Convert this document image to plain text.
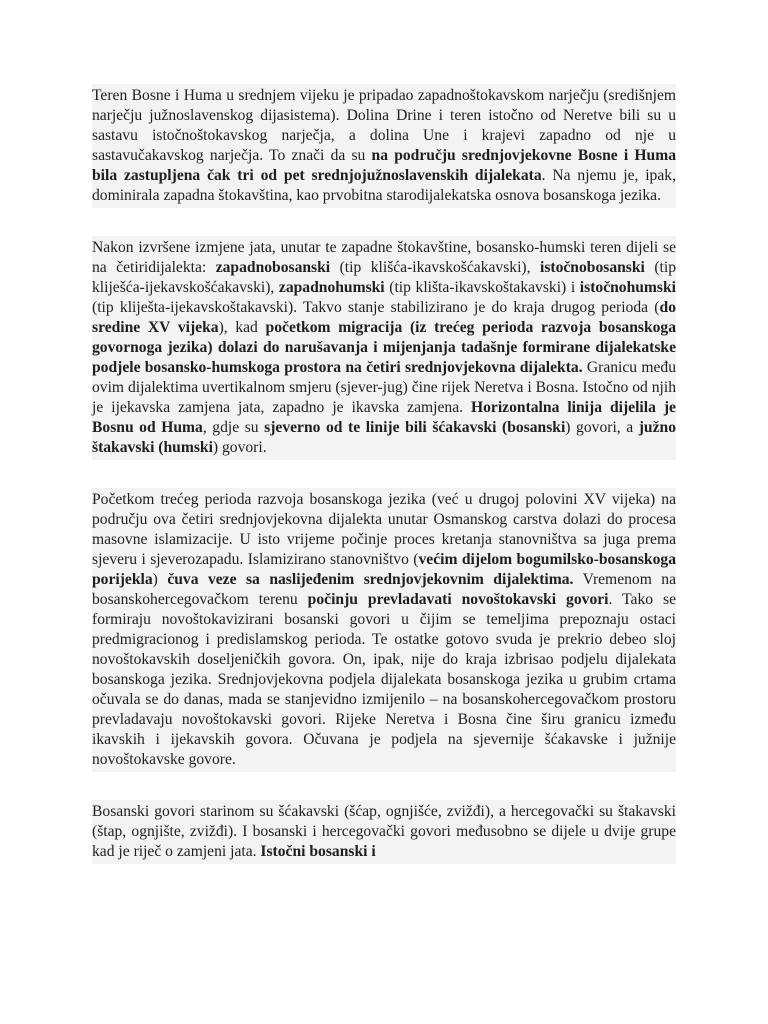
Teren Bosne i Huma u srednjem vijeku je pripadao zapadnoštokavskom narječju (središnjem narječju južnoslavenskog dijasistema). Dolina Drine i teren istočno od Neretve bili su u sastavu istočnoštokavskog narječja, a dolina Une i krajevi zapadno od nje u sastavučakavskog narječja. To znači da su na području srednjovjekovne Bosne i Huma bila zastupljena čak tri od pet srednjojužnoslavenskih dijalekata. Na njemu je, ipak, dominirala zapadna štokavština, kao prvobitna starodijalekatska osnova bosanskoga jezika.

Nakon izvršene izmjene jata, unutar te zapadne štokavštine, bosansko-humski teren dijeli se na četiridijalekta: zapadnobosanski (tip klišća-ikavskošćakavski), istočnobosanski (tip kliješća-ijekavskošćakavski), zapadnohumski (tip klišta-ikavskoštakavski) i istočnohumski (tip kliješta-ijekavskoštakavski). Takvo stanje stabilizirano je do kraja drugog perioda (do sredine XV vijeka), kad početkom migracija (iz trećeg perioda razvoja bosanskoga govornoga jezika) dolazi do narušavanja i mijenjanja tadašnje formirane dijalekatske podjele bosansko-humskoga prostora na četiri srednjovjekovna dijalekta. Granicu među ovim dijalektima uvertikalnom smjeru (sjever-jug) čine rijek Neretva i Bosna. Istočno od njih je ijekavska zamjena jata, zapadno je ikavska zamjena. Horizontalna linija dijelila je Bosnu od Huma, gdje su sjeverno od te linije bili šćakavski (bosanski) govori, a južno štakavski (humski) govori.

Početkom trećeg perioda razvoja bosanskoga jezika (već u drugoj polovini XV vijeka) na području ova četiri srednjovjekovna dijalekta unutar Osmanskog carstva dolazi do procesa masovne islamizacije. U isto vrijeme počinje proces kretanja stanovništva sa juga prema sjeveru i sjeverozapadu. Islamizirano stanovništvo (većim dijelom bogumilsko-bosanskoga porijekla) čuva veze sa naslijeđenim srednjovjekovnim dijalektima. Vremenom na bosanskohercegovačkom terenu počinju prevladavati novoštokavski govori. Tako se formiraju novoštokavizirani bosanski govori u čijim se temeljima prepoznaju ostaci predmigracionog i predislamskog perioda. Te ostatke gotovo svuda je prekrio debeo sloj novoštokavskih doseljeničkih govora. On, ipak, nije do kraja izbrisao podjelu dijalekata bosanskoga jezika. Srednjovjekovna podjela dijalekata bosanskoga jezika u grubim crtama očuvala se do danas, mada se stanjevidno izmijenilo – na bosanskohercegovačkom prostoru prevladavaju novoštokavski govori. Rijeke Neretva i Bosna čine širu granicu između ikavskih i ijekavskih govora. Očuvana je podjela na sjevernije šćakavske i južnije novoštokavske govore.

Bosanski govori starinom su šćakavski (šćap, ognjišće, zvižđi), a hercegovački su štakavski (štap, ognjište, zvižđi). I bosanski i hercegovački govori međusobno se dijele u dvije grupe kad je riječ o zamjeni jata. Istočni bosanski i
